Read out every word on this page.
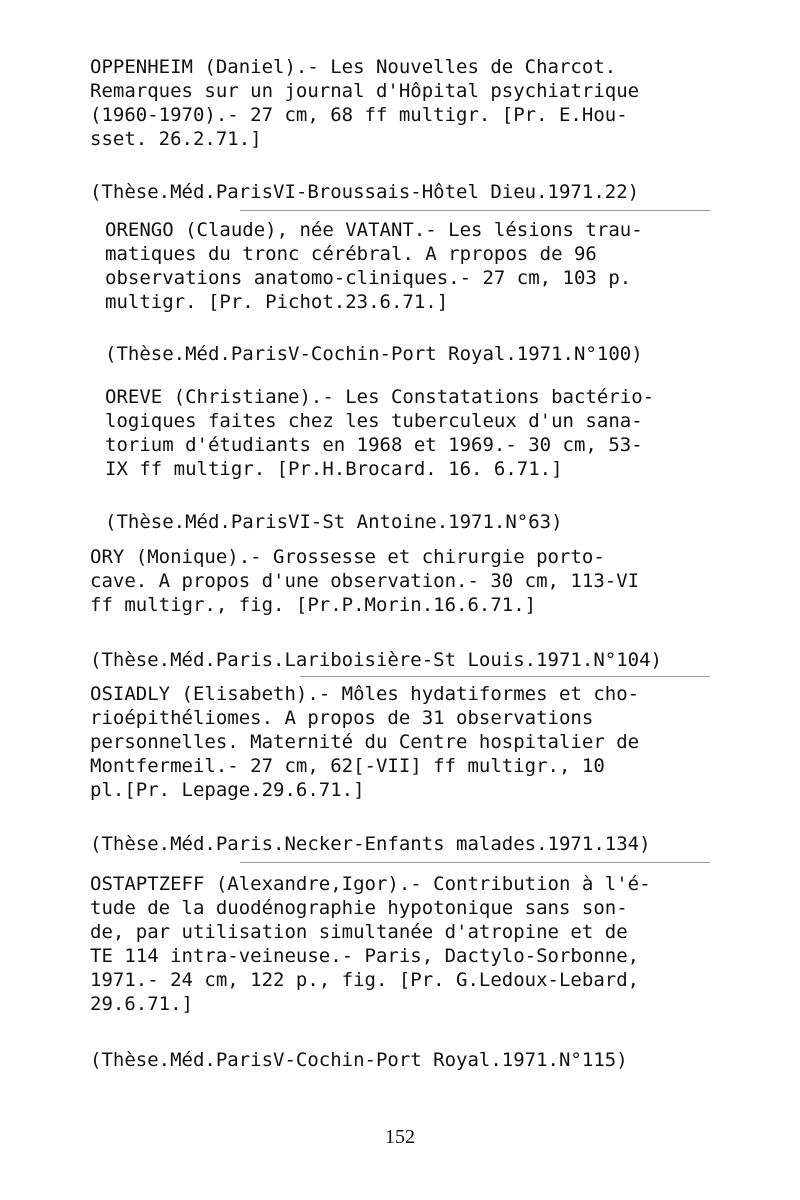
OPPENHEIM (Daniel).- Les Nouvelles de Charcot.
Remarques sur un journal d'Hôpital psychiatrique
(1960-1970).- 27 cm, 68 ff multigr. [Pr. E.Hou-
sset. 26.2.71.]
(Thèse.Méd.ParisVI-Broussais-Hôtel Dieu.1971.22)
ORENGO (Claude), née VATANT.- Les lésions trau-
matiques du tronc cérébral. A rpropos de 96
observations anatomo-cliniques.- 27 cm, 103 p.
multigr. [Pr. Pichot.23.6.71.]
(Thèse.Méd.ParisV-Cochin-Port Royal.1971.N°100)
OREVE (Christiane).- Les Constatations bactério-
logiques faites chez les tuberculeux d'un sana-
torium d'étudiants en 1968 et 1969.- 30 cm, 53-
IX ff multigr. [Pr.H.Brocard. 16. 6.71.]
(Thèse.Méd.ParisVI-St Antoine.1971.N°63)
ORY (Monique).- Grossesse et chirurgie porto-
cave. A propos d'une observation.- 30 cm, 113-VI
ff multigr., fig. [Pr.P.Morin.16.6.71.]
(Thèse.Méd.Paris.Lariboisière-St Louis.1971.N°104)
OSIADLY (Elisabeth).- Môles hydatiformes et cho-
rioépithéliomes. A propos de 31 observations
personnelles. Maternité du Centre hospitalier de
Montfermeil.- 27 cm, 62[-VII] ff multigr., 10
pl.[Pr. Lepage.29.6.71.]
(Thèse.Méd.Paris.Necker-Enfants malades.1971.134)
OSTAPTZEFF (Alexandre,Igor).- Contribution à l'é-
tude de la duodénographie hypotonique sans son-
de, par utilisation simultanée d'atropine et de
TE 114 intra-veineuse.- Paris, Dactylo-Sorbonne,
1971.- 24 cm, 122 p., fig. [Pr. G.Ledoux-Lebard,
29.6.71.]
(Thèse.Méd.ParisV-Cochin-Port Royal.1971.N°115)
152
